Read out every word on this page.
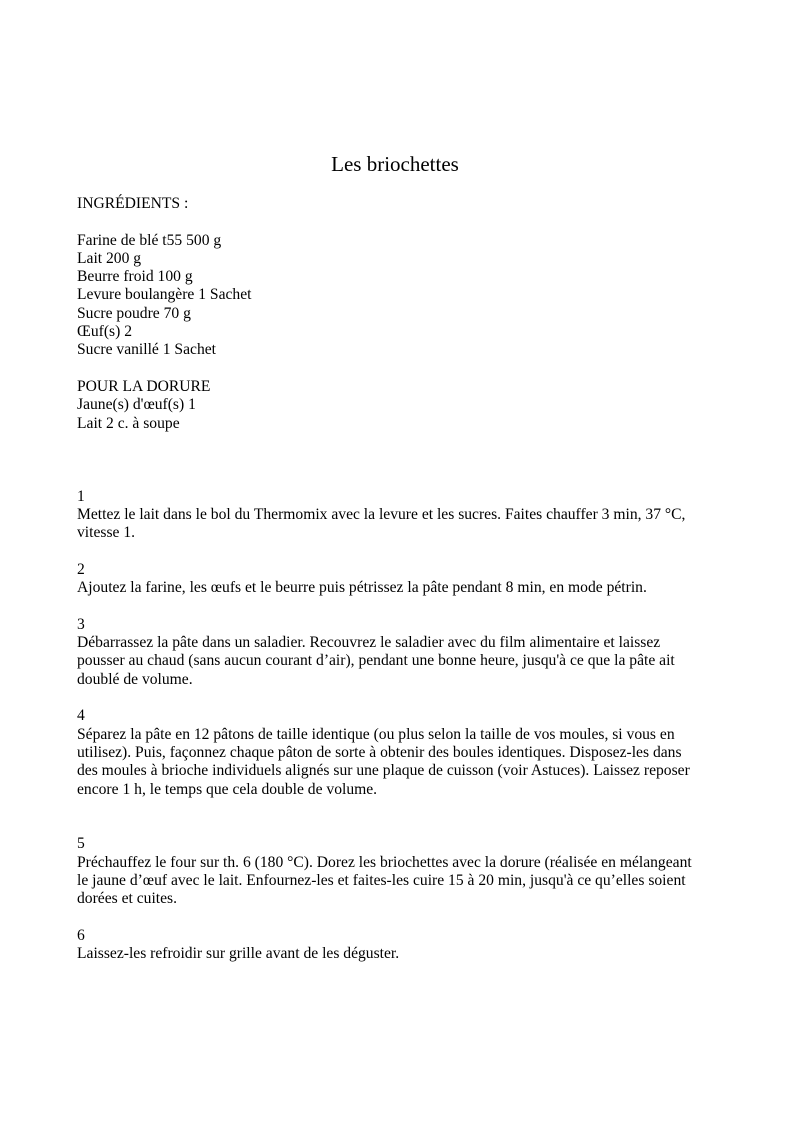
Les briochettes
INGRÉDIENTS :
Farine de blé t55 500 g
Lait 200 g
Beurre froid 100 g
Levure boulangère 1 Sachet
Sucre poudre 70 g
Œuf(s) 2
Sucre vanillé 1 Sachet
POUR LA DORURE
Jaune(s) d'œuf(s) 1
Lait 2 c. à soupe
1
Mettez le lait dans le bol du Thermomix avec la levure et les sucres. Faites chauffer 3 min, 37 °C,
vitesse 1.
2
Ajoutez la farine, les œufs et le beurre puis pétrissez la pâte pendant 8 min, en mode pétrin.
3
Débarrassez la pâte dans un saladier. Recouvrez le saladier avec du film alimentaire et laissez
pousser au chaud (sans aucun courant d’air), pendant une bonne heure, jusqu'à ce que la pâte ait
doublé de volume.
4
Séparez la pâte en 12 pâtons de taille identique (ou plus selon la taille de vos moules, si vous en
utilisez). Puis, façonnez chaque pâton de sorte à obtenir des boules identiques. Disposez-les dans
des moules à brioche individuels alignés sur une plaque de cuisson (voir Astuces). Laissez reposer
encore 1 h, le temps que cela double de volume.
5
Préchauffez le four sur th. 6 (180 °C). Dorez les briochettes avec la dorure (réalisée en mélangeant
le jaune d’œuf avec le lait. Enfournez-les et faites-les cuire 15 à 20 min, jusqu'à ce qu’elles soient
dorées et cuites.
6
Laissez-les refroidir sur grille avant de les déguster.
